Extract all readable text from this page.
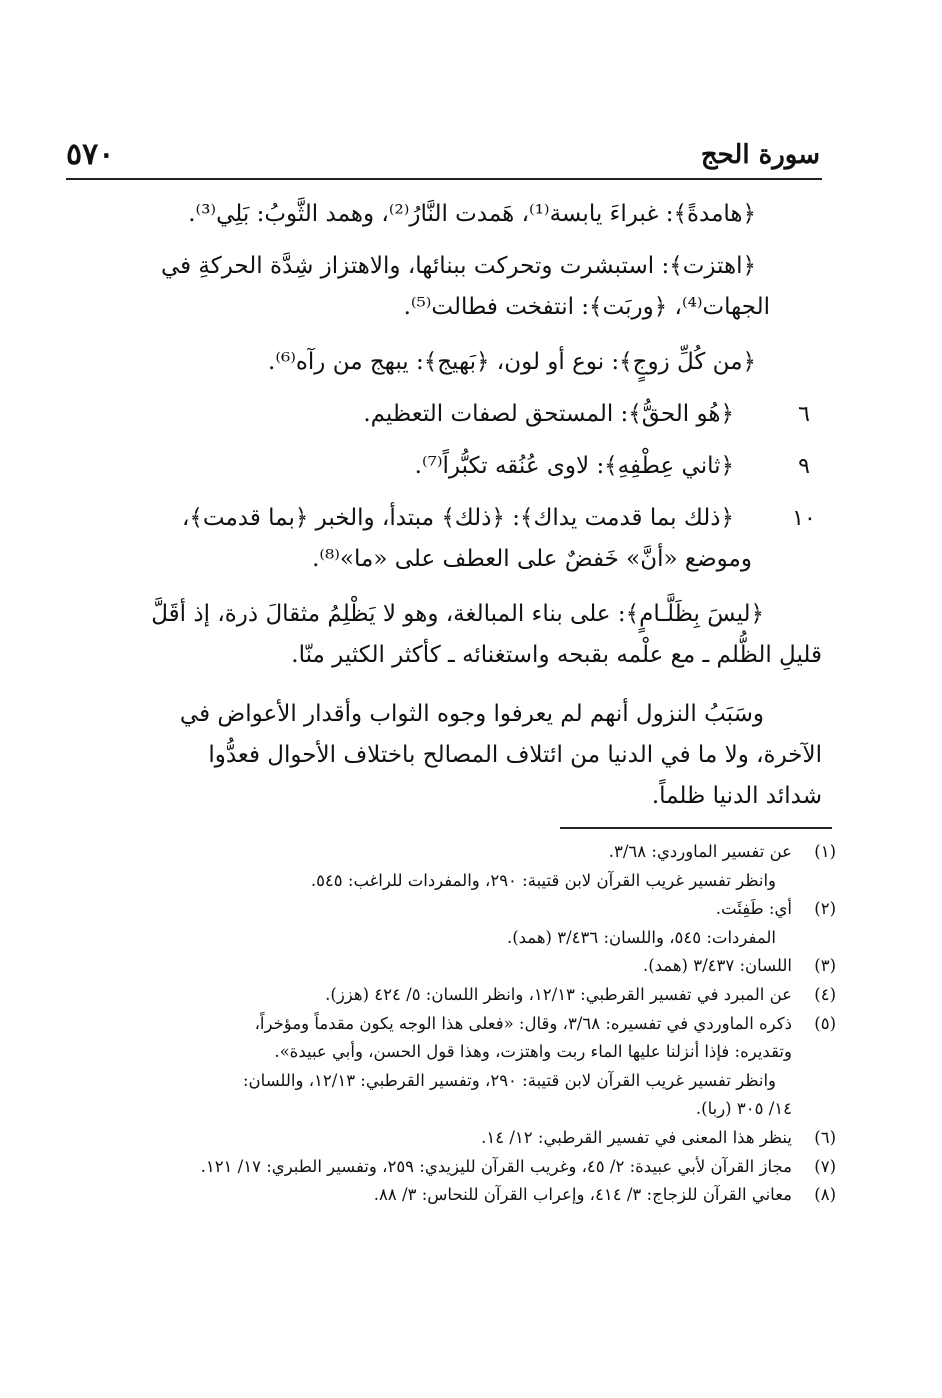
٥٧٠	سورة الحج

﴿هامدةً﴾: غبراءَ يابسة⁽¹⁾، هَمدت النَّارُ⁽²⁾، وهمد الثَّوبُ: بَلِي⁽³⁾.

﴿اهتزت﴾: استبشرت وتحركت ببنائها، والاهتزاز شِدَّة الحركةِ في

الجهات⁽⁴⁾، ﴿وربَت﴾: انتفخت فطالت⁽⁵⁾.

﴿من كُلِّ زوجٍ﴾: نوع أو لون، ﴿بَهيج﴾: يبهج من رآه⁽⁶⁾.

٦

﴿هُو الحقُّ﴾: المستحق لصفات التعظيم.

٩

﴿ثاني عِطْفِهِ﴾: لاوى عُنُقه تكبُّراً⁽⁷⁾.

١٠

﴿ذلك بما قدمت يداك﴾: ﴿ذلك﴾ مبتدأ، والخبر ﴿بما قدمت﴾،

وموضع «أنَّ» خَفضٌ على العطف على «ما»⁽⁸⁾.

﴿ليسَ بِظَلَّـامٍ﴾: على بناء المبالغة، وهو لا يَظْلِمُ مثقالَ ذرة، إذ أقَلَّ

قليلِ الظُّلم ـ مع علْمه بقبحه واستغنائه ـ كأكثر الكثير منّا.

وسَبَبُ النزول أنهم لم يعرفوا وجوه الثواب وأقدار الأعواض في

الآخرة، ولا ما في الدنيا من ائتلاف المصالح باختلاف الأحوال فعدُّوا

شدائد الدنيا ظلماً.

(١)
عن تفسير الماوردي: ٣/٦٨.
وانظر تفسير غريب القرآن لابن قتيبة: ٢٩٠، والمفردات للراغب: ٥٤٥.
(٢)
أي: طَفِئَت.
المفردات: ٥٤٥، واللسان: ٣/٤٣٦ (همد).
(٣)
اللسان: ٣/٤٣٧ (همد).
(٤)
عن المبرد في تفسير القرطبي: ١٢/١٣، وانظر اللسان: ٥/ ٤٢٤ (هزز).
(٥)
ذكره الماوردي في تفسيره: ٣/٦٨، وقال: «فعلى هذا الوجه يكون مقدماً ومؤخراً،
وتقديره: فإذا أنزلنا عليها الماء ربت واهتزت، وهذا قول الحسن، وأبي عبيدة».
وانظر تفسير غريب القرآن لابن قتيبة: ٢٩٠، وتفسير القرطبي: ١٢/١٣، واللسان:
١٤/ ٣٠٥ (ربا).
(٦)
ينظر هذا المعنى في تفسير القرطبي: ١٢/ ١٤.
(٧)
مجاز القرآن لأبي عبيدة: ٢/ ٤٥، وغريب القرآن لليزيدي: ٢٥٩، وتفسير الطبري: ١٧/ ١٢١.
(٨)
معاني القرآن للزجاج: ٣/ ٤١٤، وإعراب القرآن للنحاس: ٣/ ٨٨.
